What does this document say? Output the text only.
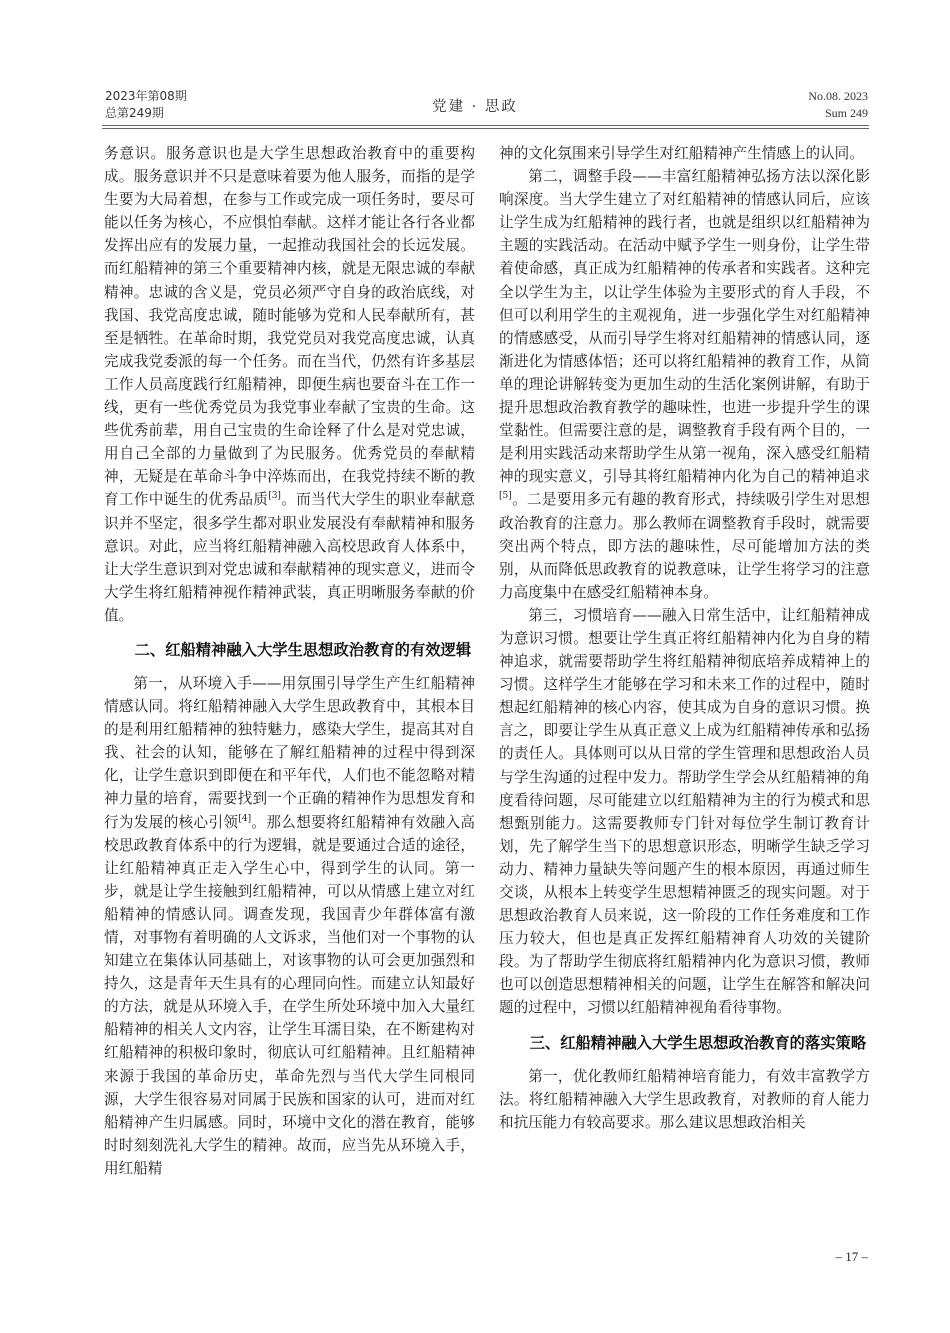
2023年第08期
总第249期	党建 · 思政
No.08. 2023
Sum 249

务意识。服务意识也是大学生思想政治教育中的重要构成。服务意识并不只是意味着要为他人服务，而指的是学生要为大局着想，在参与工作或完成一项任务时，要尽可能以任务为核心，不应惧怕奉献。这样才能让各行各业都发挥出应有的发展力量，一起推动我国社会的长远发展。而红船精神的第三个重要精神内核，就是无限忠诚的奉献精神。忠诚的含义是，党员必须严守自身的政治底线，对我国、我党高度忠诚，随时能够为党和人民奉献所有，甚至是牺牲。在革命时期，我党党员对我党高度忠诚，认真完成我党委派的每一个任务。而在当代，仍然有许多基层工作人员高度践行红船精神，即便生病也要奋斗在工作一线，更有一些优秀党员为我党事业奉献了宝贵的生命。这些优秀前辈，用自己宝贵的生命诠释了什么是对党忠诚，用自己全部的力量做到了为民服务。优秀党员的奉献精神，无疑是在革命斗争中淬炼而出，在我党持续不断的教育工作中诞生的优秀品质[3]。而当代大学生的职业奉献意识并不坚定，很多学生都对职业发展没有奉献精神和服务意识。对此，应当将红船精神融入高校思政育人体系中，让大学生意识到对党忠诚和奉献精神的现实意义，进而令大学生将红船精神视作精神武装，真正明晰服务奉献的价值。

二、红船精神融入大学生思想政治教育的有效逻辑

第一，从环境入手——用氛围引导学生产生红船精神情感认同。将红船精神融入大学生思政教育中，其根本目的是利用红船精神的独特魅力，感染大学生，提高其对自我、社会的认知，能够在了解红船精神的过程中得到深化，让学生意识到即便在和平年代，人们也不能忽略对精神力量的培育，需要找到一个正确的精神作为思想发育和行为发展的核心引领[4]。那么想要将红船精神有效融入高校思政教育体系中的行为逻辑，就是要通过合适的途径，让红船精神真正走入学生心中，得到学生的认同。第一步，就是让学生接触到红船精神，可以从情感上建立对红船精神的情感认同。调查发现，我国青少年群体富有激情，对事物有着明确的人文诉求，当他们对一个事物的认知建立在集体认同基础上，对该事物的认可会更加强烈和持久，这是青年天生具有的心理同向性。而建立认知最好的方法，就是从环境入手，在学生所处环境中加入大量红船精神的相关人文内容，让学生耳濡目染，在不断建构对红船精神的积极印象时，彻底认可红船精神。且红船精神来源于我国的革命历史，革命先烈与当代大学生同根同源，大学生很容易对同属于民族和国家的认可，进而对红船精神产生归属感。同时，环境中文化的潜在教育，能够时时刻刻洗礼大学生的精神。故而，应当先从环境入手，用红船精

神的文化氛围来引导学生对红船精神产生情感上的认同。

第二，调整手段——丰富红船精神弘扬方法以深化影响深度。当大学生建立了对红船精神的情感认同后，应该让学生成为红船精神的践行者，也就是组织以红船精神为主题的实践活动。在活动中赋予学生一则身份，让学生带着使命感，真正成为红船精神的传承者和实践者。这种完全以学生为主，以让学生体验为主要形式的育人手段，不但可以利用学生的主观视角，进一步强化学生对红船精神的情感感受，从而引导学生将对红船精神的情感认同，逐渐进化为情感体悟；还可以将红船精神的教育工作，从简单的理论讲解转变为更加生动的生活化案例讲解，有助于提升思想政治教育教学的趣味性，也进一步提升学生的课堂黏性。但需要注意的是，调整教育手段有两个目的，一是利用实践活动来帮助学生从第一视角，深入感受红船精神的现实意义，引导其将红船精神内化为自己的精神追求[5]。二是要用多元有趣的教育形式，持续吸引学生对思想政治教育的注意力。那么教师在调整教育手段时，就需要突出两个特点，即方法的趣味性，尽可能增加方法的类别，从而降低思政教育的说教意味，让学生将学习的注意力高度集中在感受红船精神本身。

第三，习惯培育——融入日常生活中，让红船精神成为意识习惯。想要让学生真正将红船精神内化为自身的精神追求，就需要帮助学生将红船精神彻底培养成精神上的习惯。这样学生才能够在学习和未来工作的过程中，随时想起红船精神的核心内容，使其成为自身的意识习惯。换言之，即要让学生从真正意义上成为红船精神传承和弘扬的责任人。具体则可以从日常的学生管理和思想政治人员与学生沟通的过程中发力。帮助学生学会从红船精神的角度看待问题，尽可能建立以红船精神为主的行为模式和思想甄别能力。这需要教师专门针对每位学生制订教育计划，先了解学生当下的思想意识形态，明晰学生缺乏学习动力、精神力量缺失等问题产生的根本原因，再通过师生交谈，从根本上转变学生思想精神匮乏的现实问题。对于思想政治教育人员来说，这一阶段的工作任务难度和工作压力较大，但也是真正发挥红船精神育人功效的关键阶段。为了帮助学生彻底将红船精神内化为意识习惯，教师也可以创造思想精神相关的问题，让学生在解答和解决问题的过程中，习惯以红船精神视角看待事物。

三、红船精神融入大学生思想政治教育的落实策略

第一，优化教师红船精神培育能力，有效丰富教学方法。将红船精神融入大学生思政教育，对教师的育人能力和抗压能力有较高要求。那么建议思想政治相关

– 17 –
